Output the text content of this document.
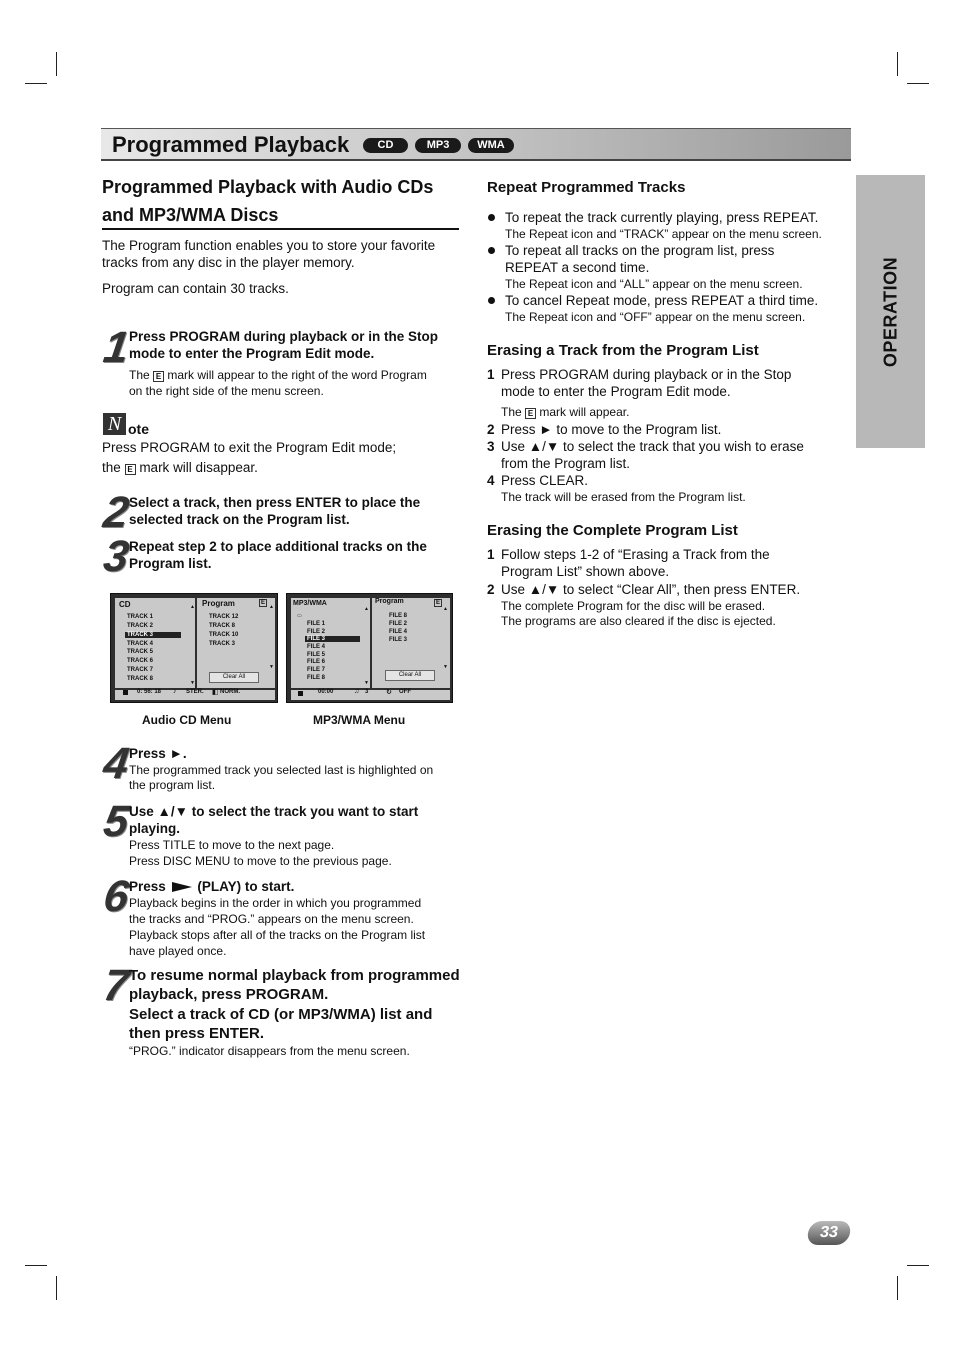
Programmed Playback	CD	MP3	WMA
OPERATION
Programmed Playback with Audio CDs
and MP3/WMA Discs
The Program function enables you to store your favorite
tracks from any disc in the player memory.
Program can contain 30 tracks.
1
Press PROGRAM during playback or in the Stop
mode to enter the Program Edit mode.
The E mark will appear to the right of the word Program
on the right side of the menu screen.
N ote
Press PROGRAM to exit the Program Edit mode;
the E mark will disappear.
2
Select a track, then press ENTER to place the
selected track on the Program list.
3
Repeat step 2 to place additional tracks on the
Program list.
CD	Program	E
TRACK 1
TRACK 2
TRACK 3
TRACK 4
TRACK 5
TRACK 6
TRACK 7
TRACK 8
TRACK 12
TRACK 8
TRACK 10
TRACK 3
▲
▼
▲
▼
Clear All
0: 56: 18 ♪ STER. ◧ NORM.
Audio CD Menu
MP3/WMA	Program	E
▭
FILE 1
FILE 2
FILE 3
FILE 4
FILE 5
FILE 6
FILE 7
FILE 8
FILE 8
FILE 2
FILE 4
FILE 3
▲
▼
▲
▼
Clear All
00:00	♫ 3	↻ OFF
MP3/WMA Menu
4
Press ►.
The programmed track you selected last is highlighted on
the program list.
5
Use ▲/▼ to select the track you want to start
playing.
Press TITLE to move to the next page.
Press DISC MENU to move to the previous page.
6
Press (PLAY) to start.
Playback begins in the order in which you programmed
the tracks and “PROG.” appears on the menu screen.
Playback stops after all of the tracks on the Program list
have played once.
7
To resume normal playback from programmed
playback, press PROGRAM.
Select a track of CD (or MP3/WMA) list and
then press ENTER.
“PROG.” indicator disappears from the menu screen.
Repeat Programmed Tracks
To repeat the track currently playing, press REPEAT.
The Repeat icon and “TRACK” appear on the menu screen.
To repeat all tracks on the program list, press
REPEAT a second time.
The Repeat icon and “ALL” appear on the menu screen.
To cancel Repeat mode, press REPEAT a third time.
The Repeat icon and “OFF” appear on the menu screen.
Erasing a Track from the Program List
1 Press PROGRAM during playback or in the Stop
mode to enter the Program Edit mode.
The E mark will appear.
2 Press ► to move to the Program list.
3 Use ▲/▼ to select the track that you wish to erase
from the Program list.
4 Press CLEAR.
The track will be erased from the Program list.
Erasing the Complete Program List
1 Follow steps 1-2 of “Erasing a Track from the
Program List” shown above.
2 Use ▲/▼ to select “Clear All”, then press ENTER.
The complete Program for the disc will be erased.
The programs are also cleared if the disc is ejected.
33
